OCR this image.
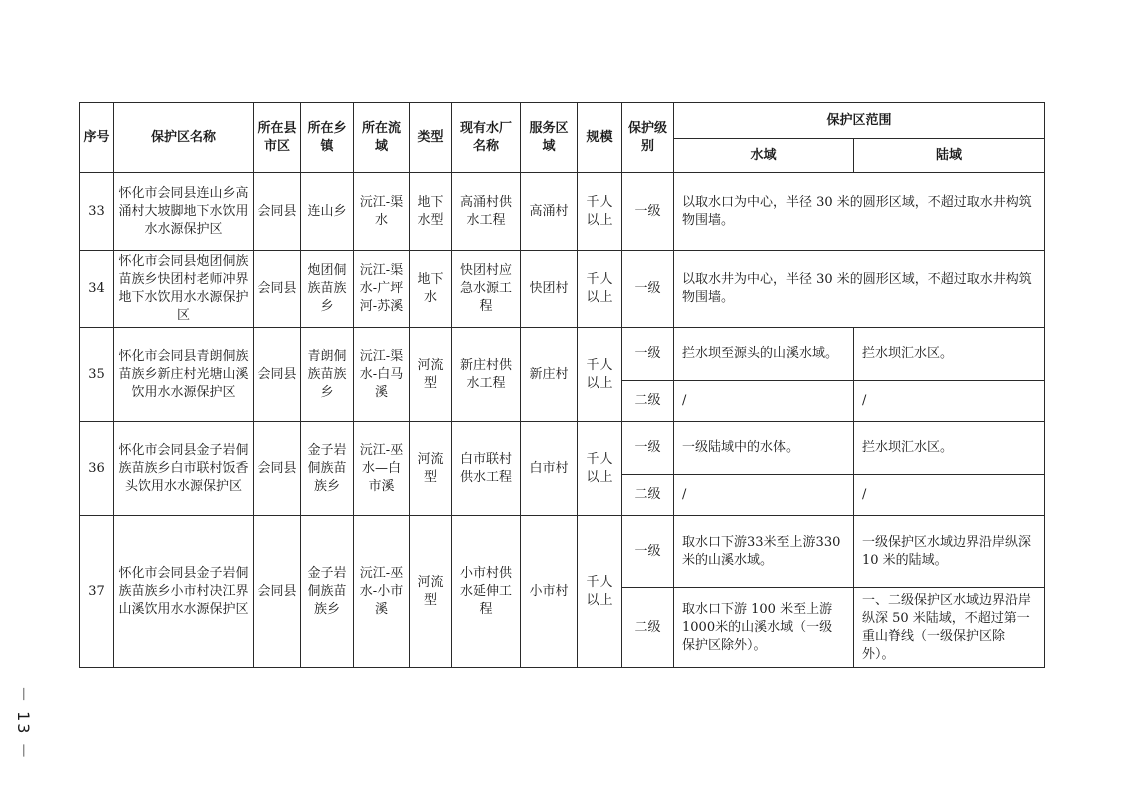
序号	保护区名称	所在县市区	所在乡镇	所在流域	类型	现有水厂名称	服务区域	规模	保护级别	保护区范围	
										水域	陆域
33	怀化市会同县连山乡高涌村大坡脚地下水饮用水水源保护区	会同县	连山乡	沅江-渠水	地下水型	高涌村供水工程	高涌村	千人以上	一级	以取水口为中心，半径 30 米的圆形区域，不超过取水井构筑物围墙。	
34	怀化市会同县炮团侗族苗族乡快团村老师冲界地下水饮用水水源保护区	会同县	炮团侗族苗族乡	沅江-渠水-广坪河-苏溪	地下水	快团村应急水源工程	快团村	千人以上	一级	以取水井为中心，半径 30 米的圆形区域，不超过取水井构筑物围墙。	
35	怀化市会同县青朗侗族苗族乡新庄村光塘山溪饮用水水源保护区	会同县	青朗侗族苗族乡	沅江-渠水-白马溪	河流型	新庄村供水工程	新庄村	千人以上	一级	拦水坝至源头的山溪水域。	拦水坝汇水区。
									二级	/	/
36	怀化市会同县金子岩侗族苗族乡白市联村饭香头饮用水水源保护区	会同县	金子岩侗族苗族乡	沅江-巫水—白市溪	河流型	白市联村供水工程	白市村	千人以上	一级	一级陆域中的水体。	拦水坝汇水区。
									二级	/	/
37	怀化市会同县金子岩侗族苗族乡小市村决江界山溪饮用水水源保护区	会同县	金子岩侗族苗族乡	沅江-巫水-小市溪	河流型	小市村供水延伸工程	小市村	千人以上	一级	取水口下游33米至上游330米的山溪水域。	一级保护区水域边界沿岸纵深 10 米的陆域。
									二级	取水口下游 100 米至上游1000米的山溪水域（一级保护区除外）。	一、二级保护区水域边界沿岸纵深 50 米陆域，不超过第一重山脊线（一级保护区除外）。
－ 13 －
